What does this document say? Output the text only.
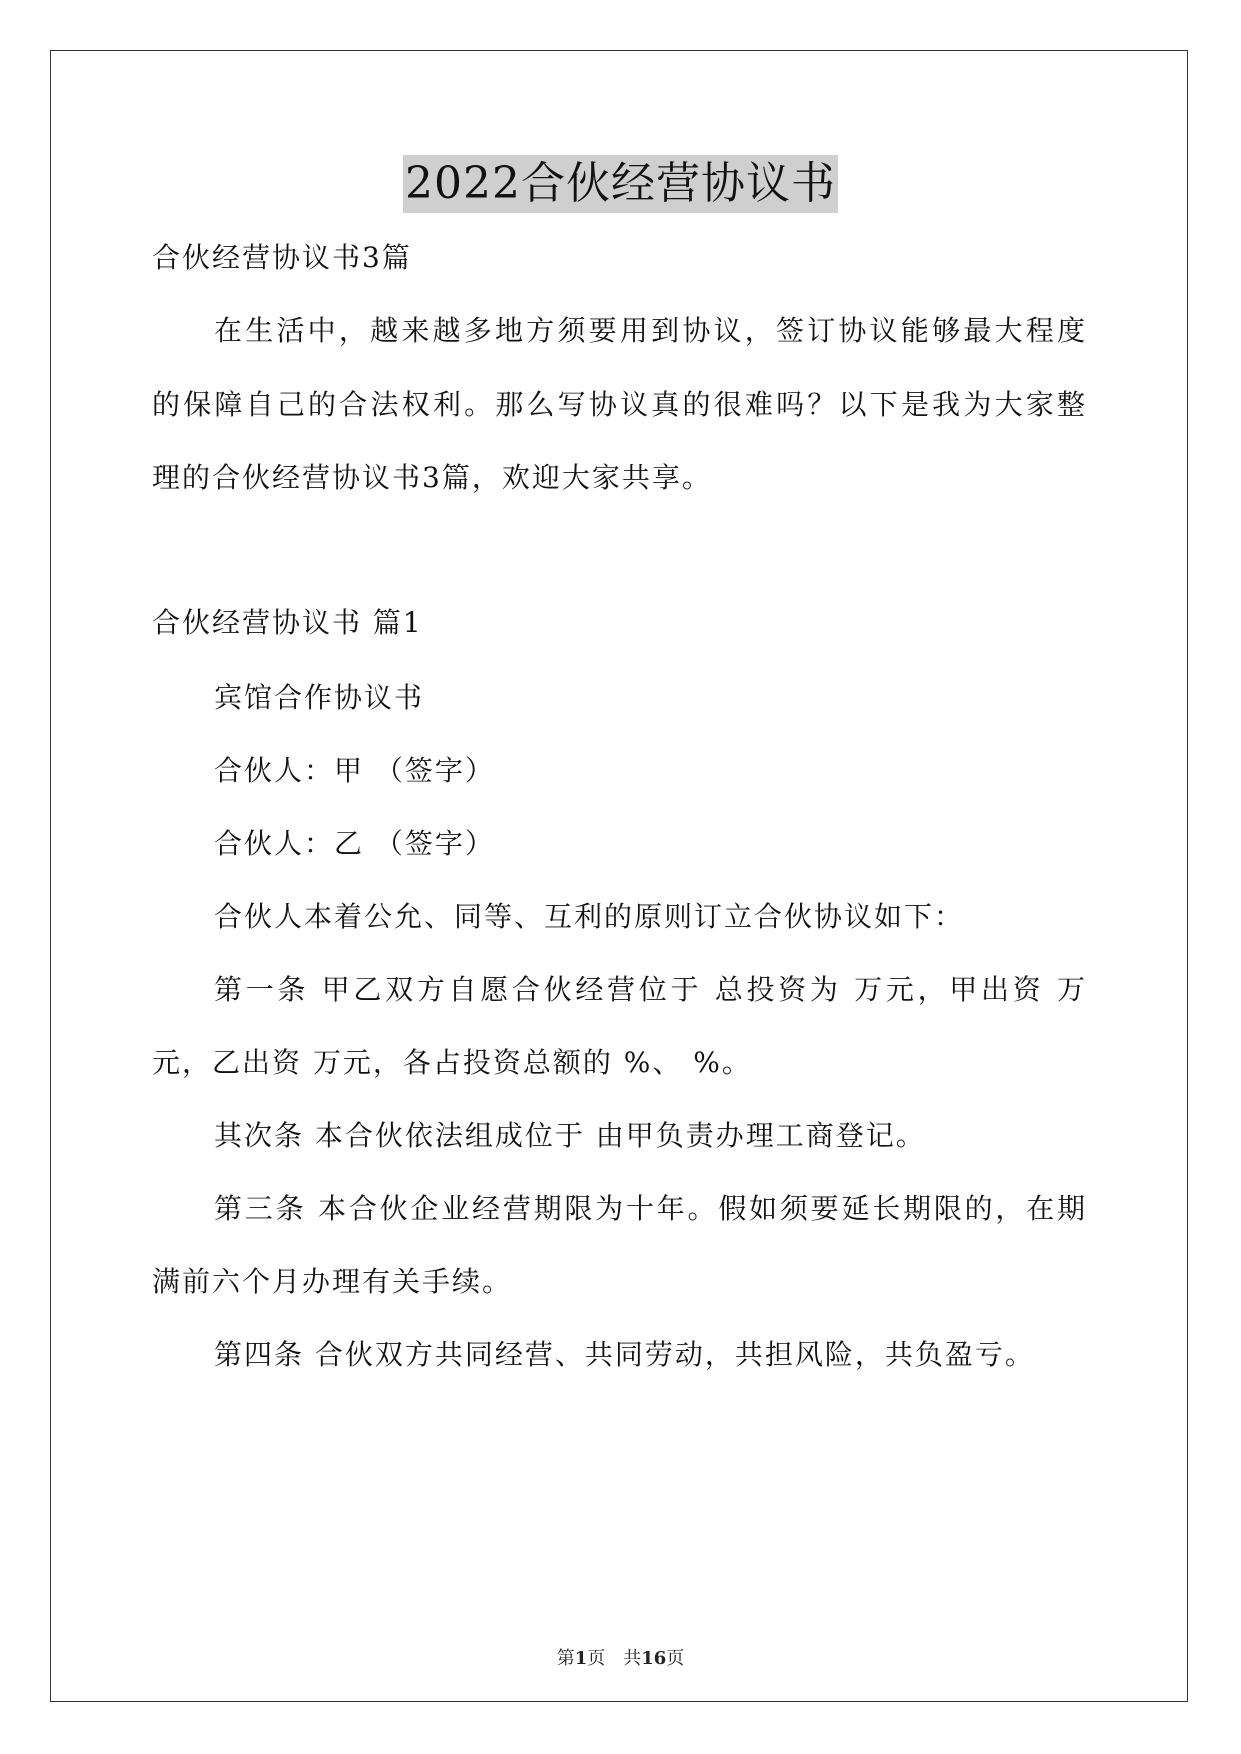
2022合伙经营协议书
合伙经营协议书3篇
在生活中，越来越多地方须要用到协议，签订协议能够最大程度
的保障自己的合法权利。那么写协议真的很难吗？以下是我为大家整
理的合伙经营协议书3篇，欢迎大家共享。
合伙经营协议书 篇1
宾馆合作协议书
合伙人：甲 （签字）
合伙人：乙 （签字）
合伙人本着公允、同等、互利的原则订立合伙协议如下：
第一条 甲乙双方自愿合伙经营位于 总投资为 万元，甲出资 万
元，乙出资 万元，各占投资总额的 %、 %。
其次条 本合伙依法组成位于 由甲负责办理工商登记。
第三条 本合伙企业经营期限为十年。假如须要延长期限的，在期
满前六个月办理有关手续。
第四条 合伙双方共同经营、共同劳动，共担风险，共负盈亏。
第1页　共16页
